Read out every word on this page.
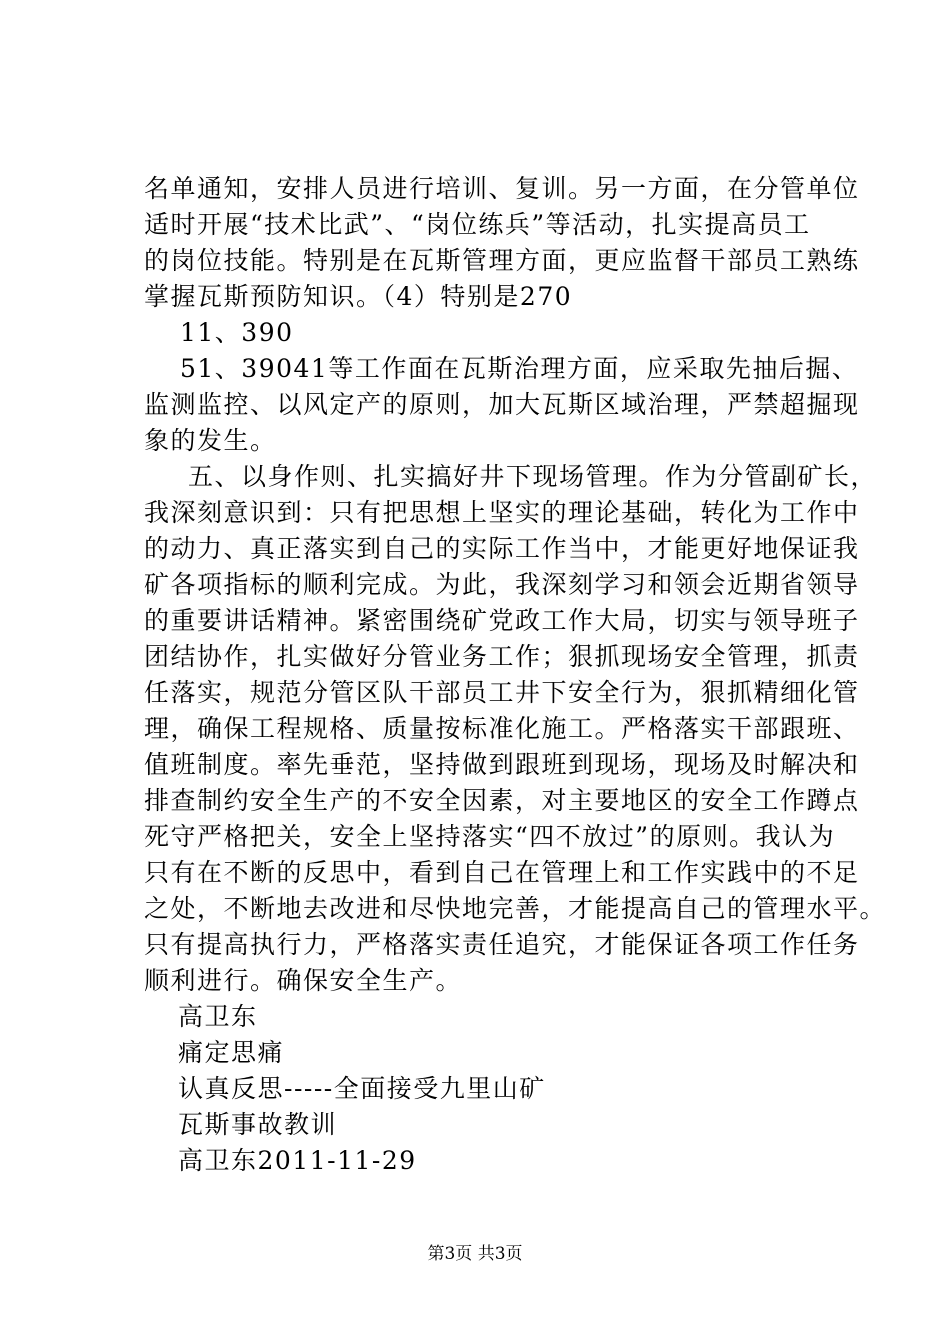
名单通知，安排人员进行培训、复训。另一方面，在分管单位
适时开展“技术比武”、“岗位练兵”等活动，扎实提高员工
的岗位技能。特别是在瓦斯管理方面，更应监督干部员工熟练
掌握瓦斯预防知识。（4）特别是270
11、390
51、39041等工作面在瓦斯治理方面，应采取先抽后掘、
监测监控、以风定产的原则，加大瓦斯区域治理，严禁超掘现
象的发生。
五、以身作则、扎实搞好井下现场管理。作为分管副矿长，
我深刻意识到：只有把思想上坚实的理论基础，转化为工作中
的动力、真正落实到自己的实际工作当中，才能更好地保证我
矿各项指标的顺利完成。为此，我深刻学习和领会近期省领导
的重要讲话精神。紧密围绕矿党政工作大局，切实与领导班子
团结协作，扎实做好分管业务工作；狠抓现场安全管理，抓责
任落实，规范分管区队干部员工井下安全行为，狠抓精细化管
理，确保工程规格、质量按标准化施工。严格落实干部跟班、
值班制度。率先垂范，坚持做到跟班到现场，现场及时解决和
排查制约安全生产的不安全因素，对主要地区的安全工作蹲点
死守严格把关，安全上坚持落实“四不放过”的原则。我认为
只有在不断的反思中，看到自己在管理上和工作实践中的不足
之处，不断地去改进和尽快地完善，才能提高自己的管理水平。
只有提高执行力，严格落实责任追究，才能保证各项工作任务
顺利进行。确保安全生产。
高卫东
痛定思痛
认真反思-----全面接受九里山矿
瓦斯事故教训
高卫东2011-11-29
第3页 共3页
